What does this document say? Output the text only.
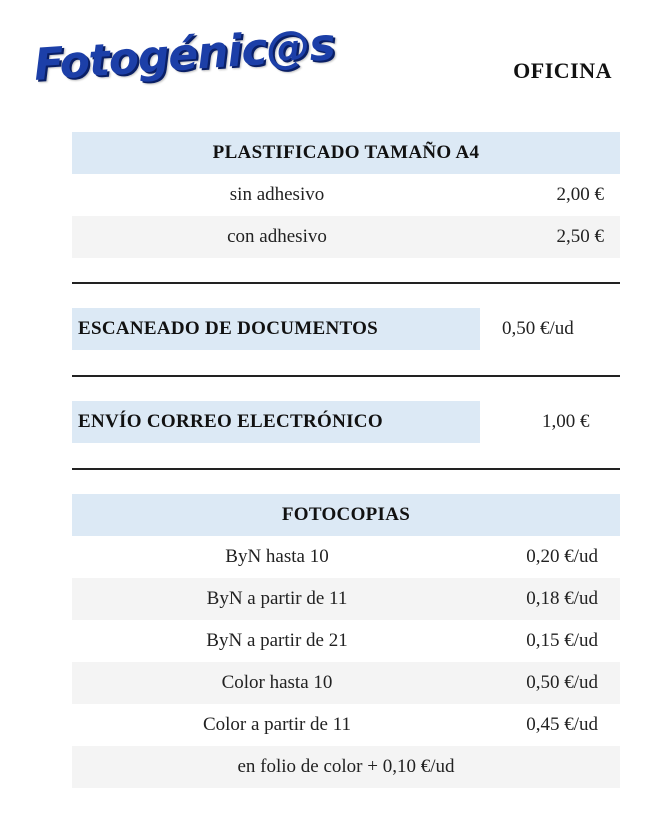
Fotogénic@s	OFICINA
PLASTIFICADO TAMAÑO A4
sin adhesivo	2,00 €
con adhesivo	2,50 €
ESCANEADO DE DOCUMENTOS	0,50 €/ud
ENVÍO CORREO ELECTRÓNICO	1,00 €
FOTOCOPIAS
ByN hasta 10	0,20 €/ud
ByN a partir de 11	0,18 €/ud
ByN a partir de 21	0,15 €/ud
Color hasta 10	0,50 €/ud
Color a partir de 11	0,45 €/ud
en folio de color + 0,10 €/ud
